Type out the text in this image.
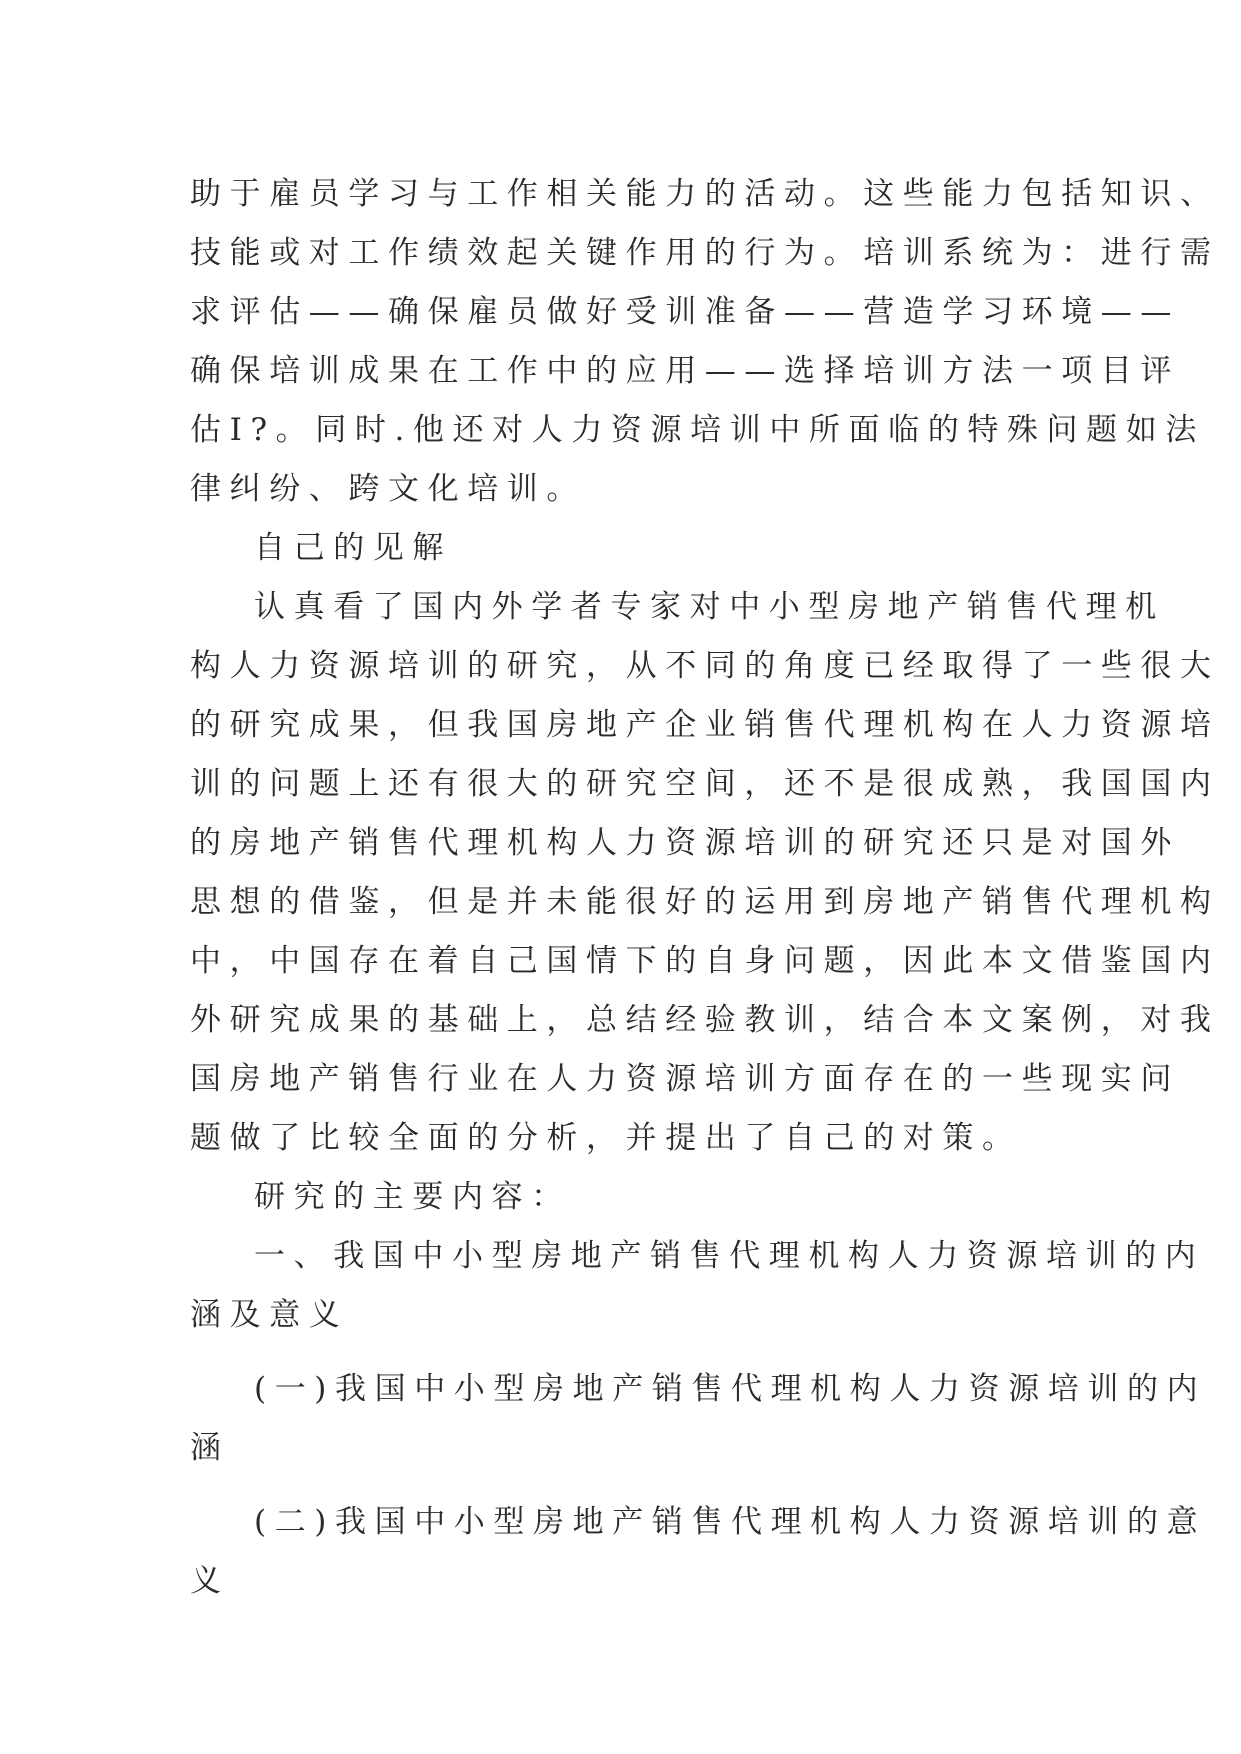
助于雇员学习与工作相关能力的活动。这些能力包括知识、
技能或对工作绩效起关键作用的行为。培训系统为：进行需
求评估——确保雇员做好受训准备——营造学习环境——
确保培训成果在工作中的应用——选择培训方法一项目评
估I?。同时.他还对人力资源培训中所面临的特殊问题如法
律纠纷、跨文化培训。
自己的见解
认真看了国内外学者专家对中小型房地产销售代理机
构人力资源培训的研究，从不同的角度已经取得了一些很大
的研究成果，但我国房地产企业销售代理机构在人力资源培
训的问题上还有很大的研究空间，还不是很成熟，我国国内
的房地产销售代理机构人力资源培训的研究还只是对国外
思想的借鉴，但是并未能很好的运用到房地产销售代理机构
中，中国存在着自己国情下的自身问题，因此本文借鉴国内
外研究成果的基础上，总结经验教训，结合本文案例，对我
国房地产销售行业在人力资源培训方面存在的一些现实问
题做了比较全面的分析，并提出了自己的对策。
研究的主要内容：
一、我国中小型房地产销售代理机构人力资源培训的内
涵及意义
(一)我国中小型房地产销售代理机构人力资源培训的内
涵
(二)我国中小型房地产销售代理机构人力资源培训的意
义
